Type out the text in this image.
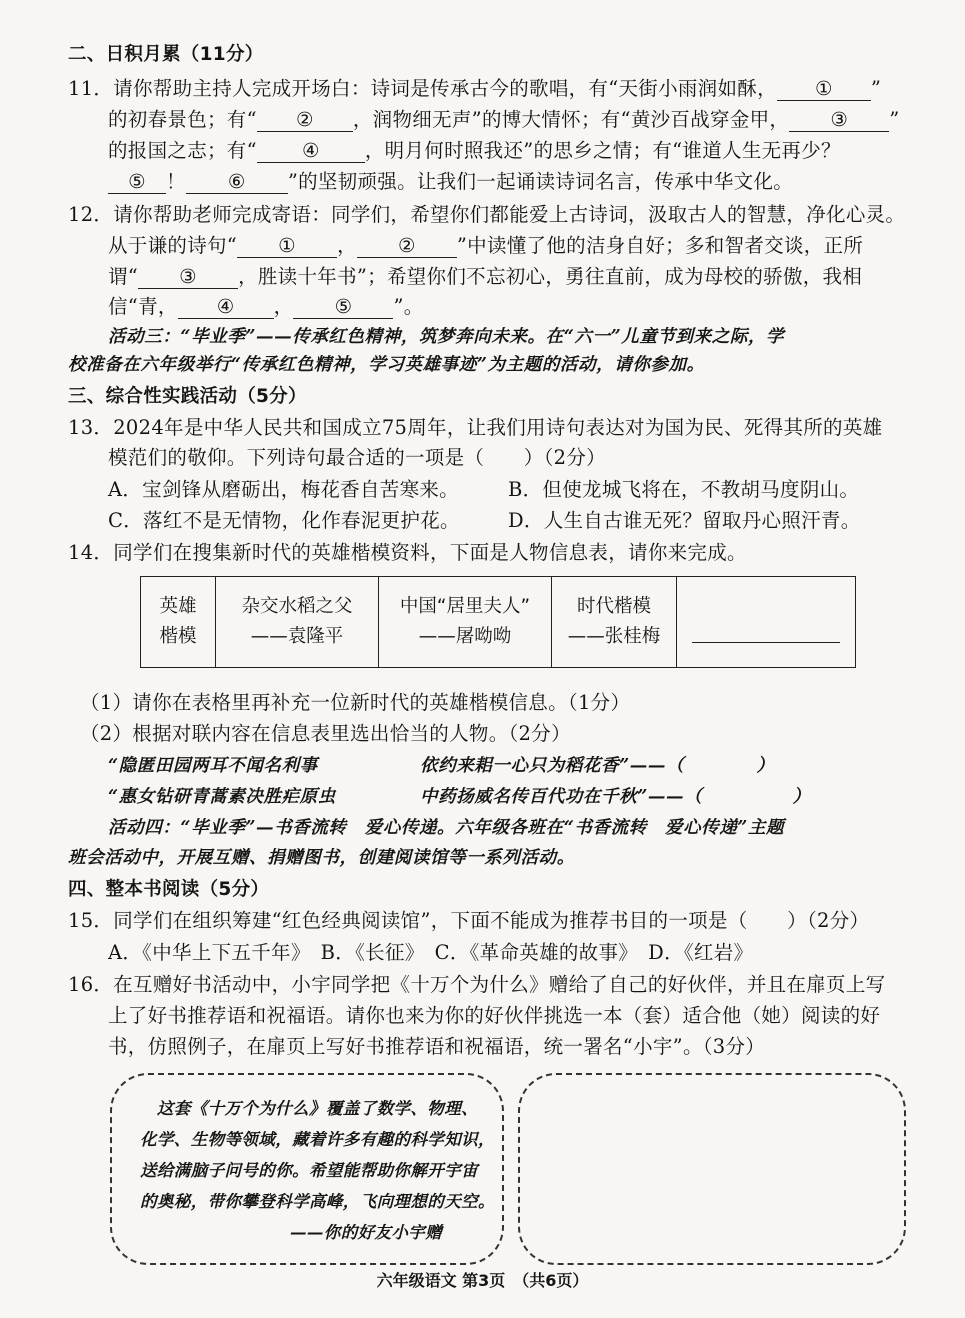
二、日积月累（11分）
11．请你帮助主持人完成开场白：诗词是传承古今的歌唱，有“天街小雨润如酥， ① ”
的初春景色；有“ ② ，润物细无声”的博大情怀；有“黄沙百战穿金甲， ③ ”
的报国之志；有“ ④ ，明月何时照我还”的思乡之情；有“谁道人生无再少？
⑤ ！ ⑥ ”的坚韧顽强。让我们一起诵读诗词名言，传承中华文化。
12．请你帮助老师完成寄语：同学们，希望你们都能爱上古诗词，汲取古人的智慧，净化心灵。
从于谦的诗句“ ① ， ② ”中读懂了他的洁身自好；多和智者交谈，正所
谓“ ③ ，胜读十年书”；希望你们不忘初心，勇往直前，成为母校的骄傲，我相
信“青， ④ ， ⑤ ”。
活动三：“毕业季”——传承红色精神，筑梦奔向未来。在“六一”儿童节到来之际，学
校准备在六年级举行“传承红色精神，学习英雄事迹”为主题的活动，请你参加。
三、综合性实践活动（5分）
13．2024年是中华人民共和国成立75周年，让我们用诗句表达对为国为民、死得其所的英雄
模范们的敬仰。下列诗句最合适的一项是（　　）（2分）
A．宝剑锋从磨砺出，梅花香自苦寒来。	B．但使龙城飞将在，不教胡马度阴山。
C．落红不是无情物，化作春泥更护花。 D．人生自古谁无死？留取丹心照汗青。
14．同学们在搜集新时代的英雄楷模资料，下面是人物信息表，请你来完成。
英雄
楷模

杂交水稻之父
——袁隆平

中国“居里夫人”
——屠呦呦

时代楷模
——张桂梅

（1）请你在表格里再补充一位新时代的英雄楷模信息。（1分）
（2）根据对联内容在信息表里选出恰当的人物。（2分）
“隐匿田园两耳不闻名利事	依约来耜一心只为稻花香”——（　　　　）
“惠女钻研青蒿素决胜疟原虫	中药扬威名传百代功在千秋”——（　　　　　）
活动四：“毕业季”—书香流转　爱心传递。六年级各班在“书香流转　爱心传递”主题
班会活动中，开展互赠、捐赠图书，创建阅读馆等一系列活动。
四、整本书阅读（5分）
15．同学们在组织筹建“红色经典阅读馆”，下面不能成为推荐书目的一项是（　　）（2分）
A．《中华上下五千年》　B．《长征》　C．《革命英雄的故事》　D．《红岩》
16．在互赠好书活动中，小宇同学把《十万个为什么》赠给了自己的好伙伴，并且在扉页上写
上了好书推荐语和祝福语。请你也来为你的好伙伴挑选一本（套）适合他（她）阅读的好
书，仿照例子，在扉页上写好书推荐语和祝福语，统一署名“小宇”。（3分）
　这套《十万个为什么》覆盖了数学、物理、
化学、生物等领域，藏着许多有趣的科学知识，
送给满脑子问号的你。希望能帮助你解开宇宙
的奥秘，带你攀登科学高峰，飞向理想的天空。
——你的好友小宇赠
六年级语文 第3页　（共6页）
